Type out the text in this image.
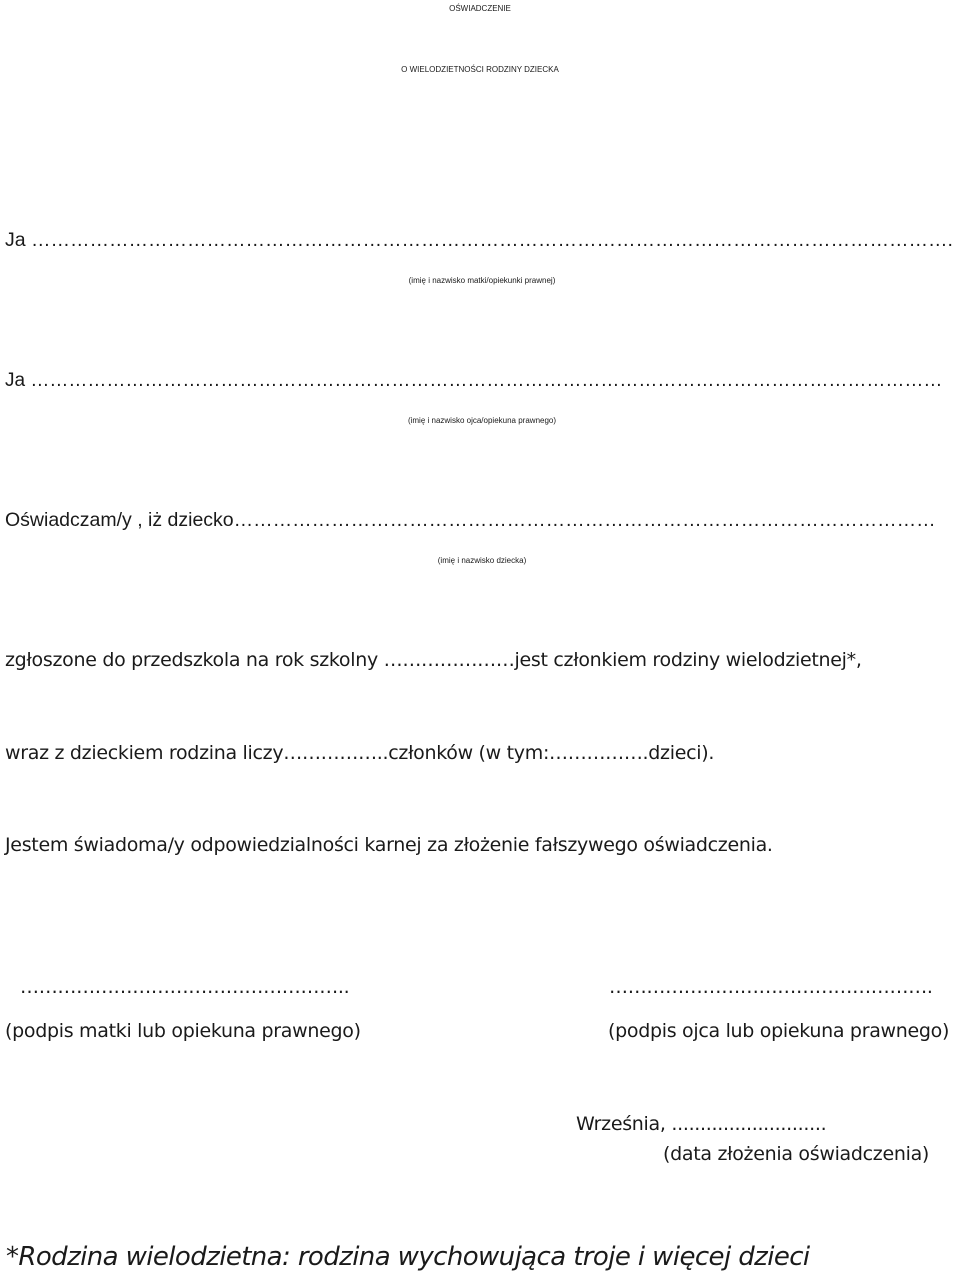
OŚWIADCZENIE
O WIELODZIETNOŚCI RODZINY DZIECKA
Ja …………………………………………………………………………………………………………………………….
(imię i nazwisko matki/opiekunki prawnej)
Ja ………………………………………………………………………………………………………………………………
(imię i nazwisko ojca/opiekuna prawnego)
Oświadczam/y , iż dziecko………………………………………………………………………………………………
(imię i nazwisko dziecka)
zgłoszone do przedszkola na rok szkolny …………………jest członkiem rodziny wielodzietnej*,
wraz z dzieckiem rodzina liczy……………..członków (w tym:…………….dzieci).
Jestem świadoma/y odpowiedzialności karnej za złożenie fałszywego oświadczenia.
……………………………………………..	…………………………………………….
(podpis matki lub opiekuna prawnego)	(podpis ojca lub opiekuna prawnego)
Września, ...........................
(data złożenia oświadczenia)
*Rodzina wielodzietna: rodzina wychowująca troje i więcej dzieci
